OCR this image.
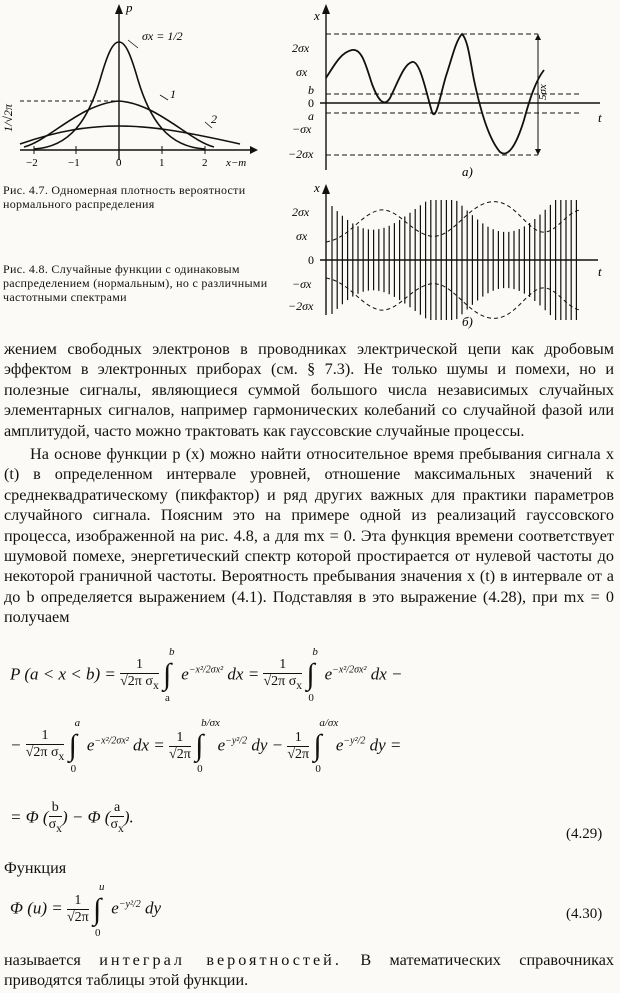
p
σx = 1/2
1
2
1/√2π
−2	−1	0	1	2 x−m
Рис. 4.7. Одномерная плотность вероятности нормального распределения
Рис. 4.8. Случайные функции с одинаковым распределением (нормальным), но с различными частотными спектрами
x
2σx
σx
b
0
a
−σx
−2σx
t
5σx
а)
x
2σx
σx
0
−σx
−2σx
t
б)

жением свободных электронов в проводниках электрической цепи как дробовым эффектом в электронных приборах (см. § 7.3). Не только шумы и помехи, но и полезные сигналы, являющиеся суммой большого числа независимых случайных элементарных сигналов, например гармонических колебаний со случайной фазой или амплитудой, часто можно трактовать как гауссовские случайные процессы.

На основе функции p (x) можно найти относительное время пребывания сигнала x (t) в определенном интервале уровней, отношение максимальных значений к среднеквадратическому (пикфактор) и ряд других важных для практики параметров случайного сигнала. Поясним это на примере одной из реализаций гауссовского процесса, изображенной на рис. 4.8, а для mx = 0. Эта функция времени соответствует шумовой помехе, энергетический спектр которой простирается от нулевой частоты до некоторой граничной частоты. Вероятность пребывания значения x (t) в интервале от a до b определяется выражением (4.1). Подставляя в это выражение (4.28), при mx = 0 получаем

P $(a < x < b) = \frac{1}{√2\pi \sigma_x}$ ∫
b
a
$e^{-x^2/2\sigma x^2}$ dx = $\frac{1}{√2\pi \sigma_x}$ ∫
b
0
$e^{-x^2/2\sigma x^2}$ dx −
− $\frac{1}{√2\pi \sigma_x}$ ∫
a
0
$e^{-x^2/2\sigma x^2}$ dx = $\frac{1}{√2\pi}$ ∫
b/σx
0
$e^{-y^2/2}$ dy − $\frac{1}{√2\pi}$ ∫
a/σx
0
$e^{-y^2/2}$ dy =
= Φ ( $\frac{b}{\sigma_x}$ ) − Φ ( $\frac{a}{\sigma_x}$ ).
(4.29)
Функция
Φ $(u) = \frac{1}{√2\pi}$ ∫
u
0
$e^{-y^2/2}$ dy	(4.30)
называется интеграл вероятностей. В математических справочниках приводятся таблицы этой функции.
